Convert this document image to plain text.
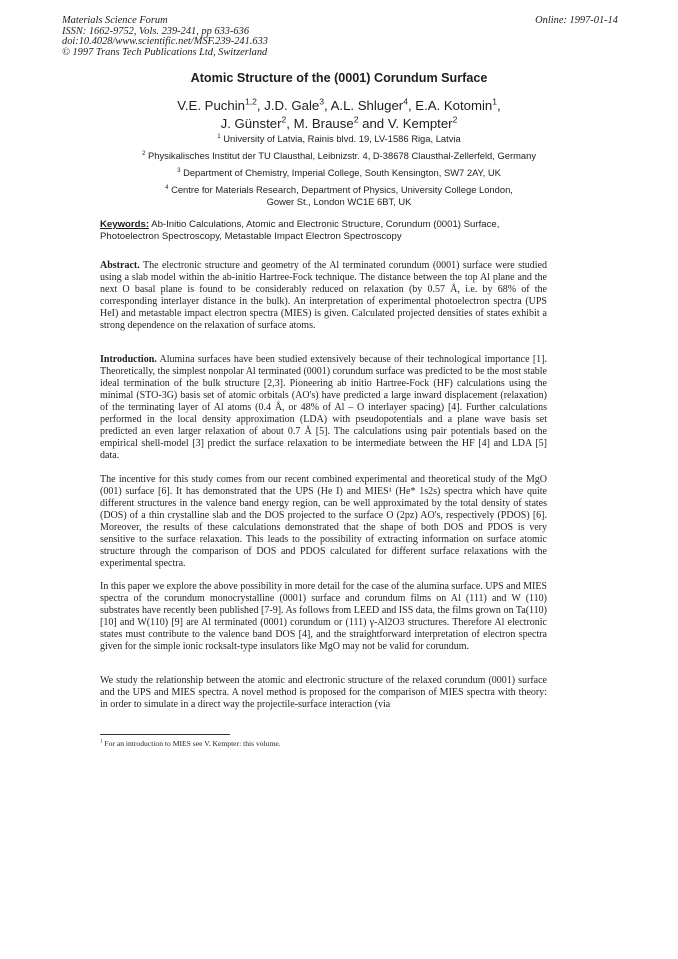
Materials Science Forum
ISSN: 1662-9752, Vols. 239-241, pp 633-636
doi:10.4028/www.scientific.net/MSF.239-241.633
© 1997 Trans Tech Publications Ltd, Switzerland
Online: 1997-01-14
Atomic Structure of the (0001) Corundum Surface
V.E. Puchin$^{1,2}$, J.D. Gale$^3$, A.L. Shluger$^4$, E.A. Kotomin$^1$,
J. Günster$^2$, M. Brause$^2$ and V. Kempter$^2$
$^1$ University of Latvia, Rainis blvd. 19, LV-1586 Riga, Latvia
$^2$ Physikalisches Institut der TU Clausthal, Leibnizstr. 4, D-38678 Clausthal-Zellerfeld, Germany
$^3$ Department of Chemistry, Imperial College, South Kensington, SW7 2AY, UK
$^4$ Centre for Materials Research, Department of Physics, University College London,
Gower St., London WC1E 6BT, UK
Keywords: Ab-Initio Calculations, Atomic and Electronic Structure, Corundum (0001) Surface, Photoelectron Spectroscopy, Metastable Impact Electron Spectroscopy
Abstract. The electronic structure and geometry of the Al terminated corundum (0001) surface were studied using a slab model within the ab-initio Hartree-Fock technique. The distance between the top Al plane and the next O basal plane is found to be considerably reduced on relaxation (by 0.57 Å, i.e. by 68% of the corresponding interlayer distance in the bulk). An interpretation of experimental photoelectron spectra (UPS HeI) and metastable impact electron spectra (MIES) is given. Calculated projected densities of states exhibit a strong dependence on the relaxation of surface atoms.
Introduction. Alumina surfaces have been studied extensively because of their technological importance [1]. Theoretically, the simplest nonpolar Al terminated (0001) corundum surface was predicted to be the most stable ideal termination of the bulk structure [2,3]. Pioneering ab initio Hartree-Fock (HF) calculations using the minimal (STO-3G) basis set of atomic orbitals (AO's) have predicted a large inward displacement (relaxation) of the terminating layer of Al atoms (0.4 Å, or 48% of Al – O interlayer spacing) [4]. Further calculations performed in the local density approximation (LDA) with pseudopotentials and a plane wave basis set predicted an even larger relaxation of about 0.7 Å [5]. The calculations using pair potentials based on the empirical shell-model [3] predict the surface relaxation to be intermediate between the HF [4] and LDA [5] data.
The incentive for this study comes from our recent combined experimental and theoretical study of the MgO (001) surface [6]. It has demonstrated that the UPS (He I) and MIES¹ (He* 1s2s) spectra which have quite different structures in the valence band energy region, can be well approximated by the total density of states (DOS) of a thin crystalline slab and the DOS projected to the surface O (2pz) AO's, respectively (PDOS) [6]. Moreover, the results of these calculations demonstrated that the shape of both DOS and PDOS is very sensitive to the surface relaxation. This leads to the possibility of extracting information on surface atomic structure through the comparison of DOS and PDOS calculated for different surface relaxations with the experimental spectra.
In this paper we explore the above possibility in more detail for the case of the alumina surface. UPS and MIES spectra of the corundum monocrystalline (0001) surface and corundum films on Al (111) and W (110) substrates have recently been published [7-9]. As follows from LEED and ISS data, the films grown on Ta(110) [10] and W(110) [9] are Al terminated (0001) corundum or (111) γ-Al2O3 structures. Therefore Al electronic states must contribute to the valence band DOS [4], and the straightforward interpretation of electron spectra given for the simple ionic rocksalt-type insulators like MgO may not be valid for corundum.
We study the relationship between the atomic and electronic structure of the relaxed corundum (0001) surface and the UPS and MIES spectra. A novel method is proposed for the comparison of MIES spectra with theory: in order to simulate in a direct way the projectile-surface interaction (via
$^1$ For an introduction to MIES see V. Kempter: this volume.
